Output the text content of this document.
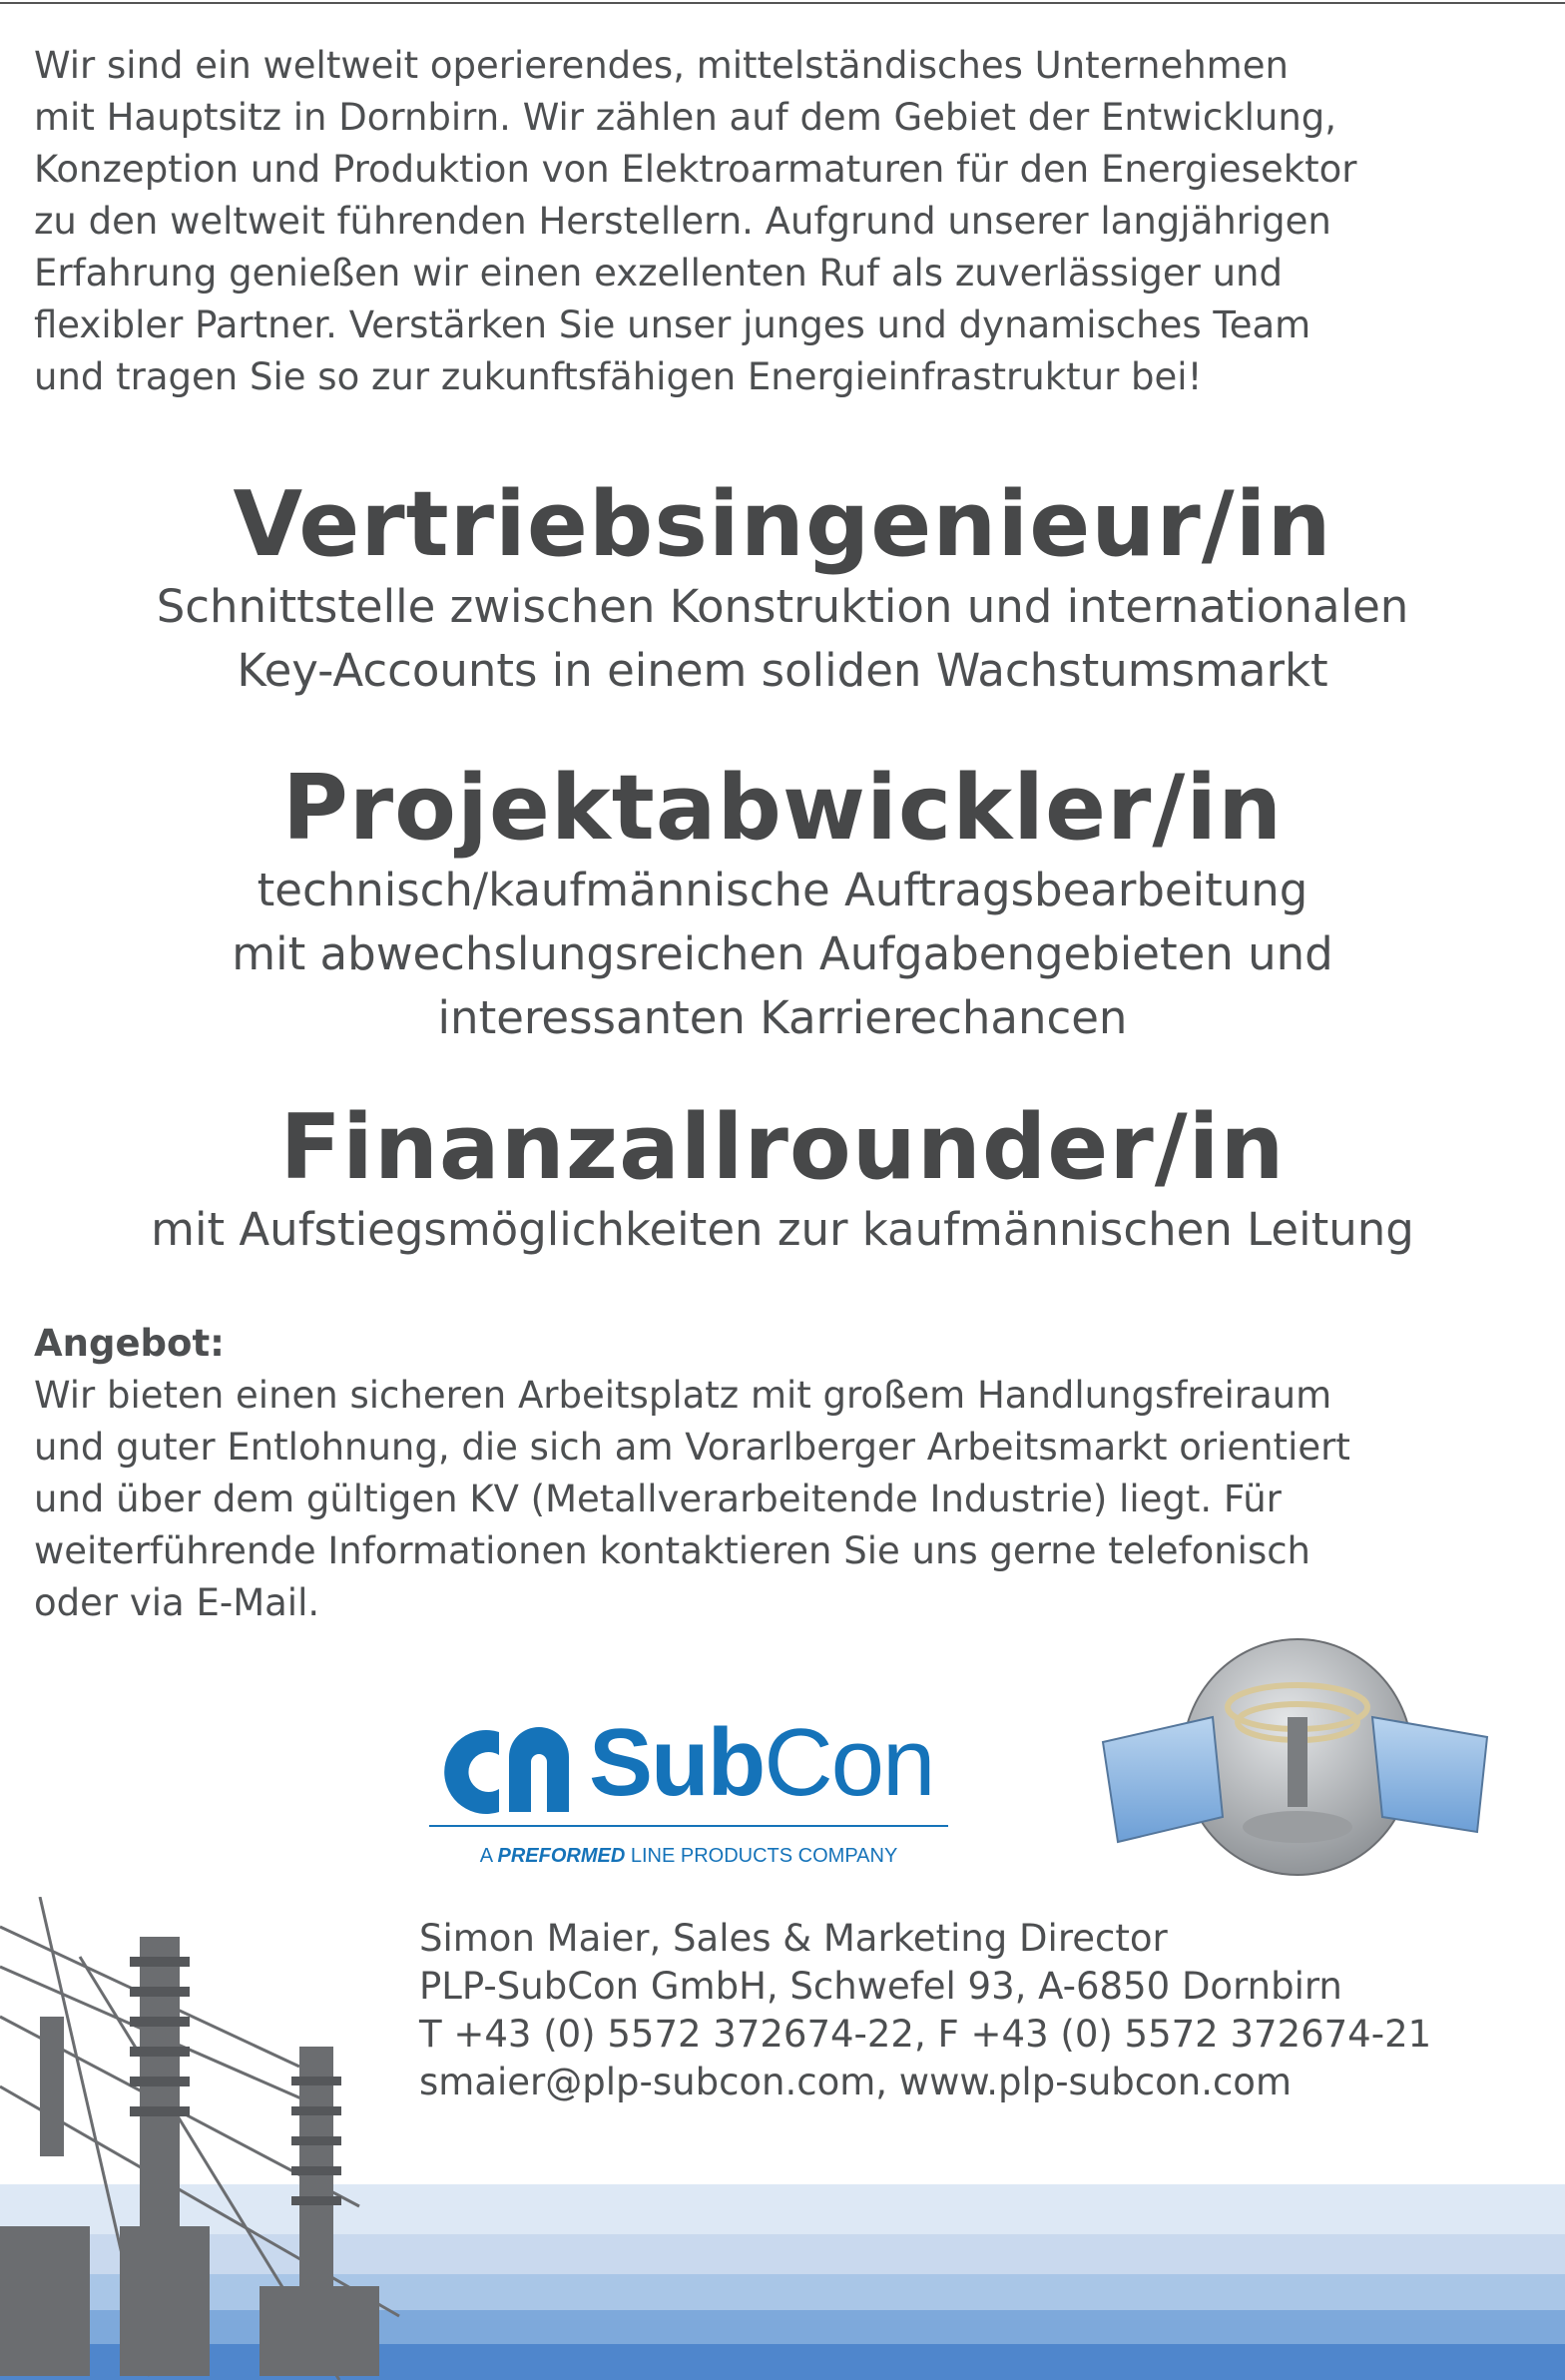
Wir sind ein weltweit operierendes, mittelständisches Unternehmen
mit Hauptsitz in Dornbirn. Wir zählen auf dem Gebiet der Entwicklung,
Konzeption und Produktion von Elektroarmaturen für den Energiesektor
zu den weltweit führenden Herstellern. Aufgrund unserer langjährigen
Erfahrung genießen wir einen exzellenten Ruf als zuverlässiger und
flexibler Partner. Verstärken Sie unser junges und dynamisches Team
und tragen Sie so zur zukunftsfähigen Energieinfrastruktur bei!
Vertriebsingenieur/in

Schnittstelle zwischen Konstruktion und internationalen

Key-Accounts in einem soliden Wachstumsmarkt

Projektabwickler/in

technisch/kaufmännische Auftragsbearbeitung

mit abwechslungsreichen Aufgabengebieten und

interessanten Karrierechancen

Finanzallrounder/in

mit Aufstiegsmöglichkeiten zur kaufmännischen Leitung

Angebot:

Wir bieten einen sicheren Arbeitsplatz mit großem Handlungsfreiraum
und guter Entlohnung, die sich am Vorarlberger Arbeitsmarkt orientiert
und über dem gültigen KV (Metallverarbeitende Industrie) liegt. Für
weiterführende Informationen kontaktieren Sie uns gerne telefonisch
oder via E-Mail.
SubCon
A PREFORMED LINE PRODUCTS COMPANY
Simon Maier, Sales & Marketing Director
PLP-SubCon GmbH, Schwefel 93, A-6850 Dornbirn
T +43 (0) 5572 372674-22, F +43 (0) 5572 372674-21
smaier@plp-subcon.com, www.plp-subcon.com
